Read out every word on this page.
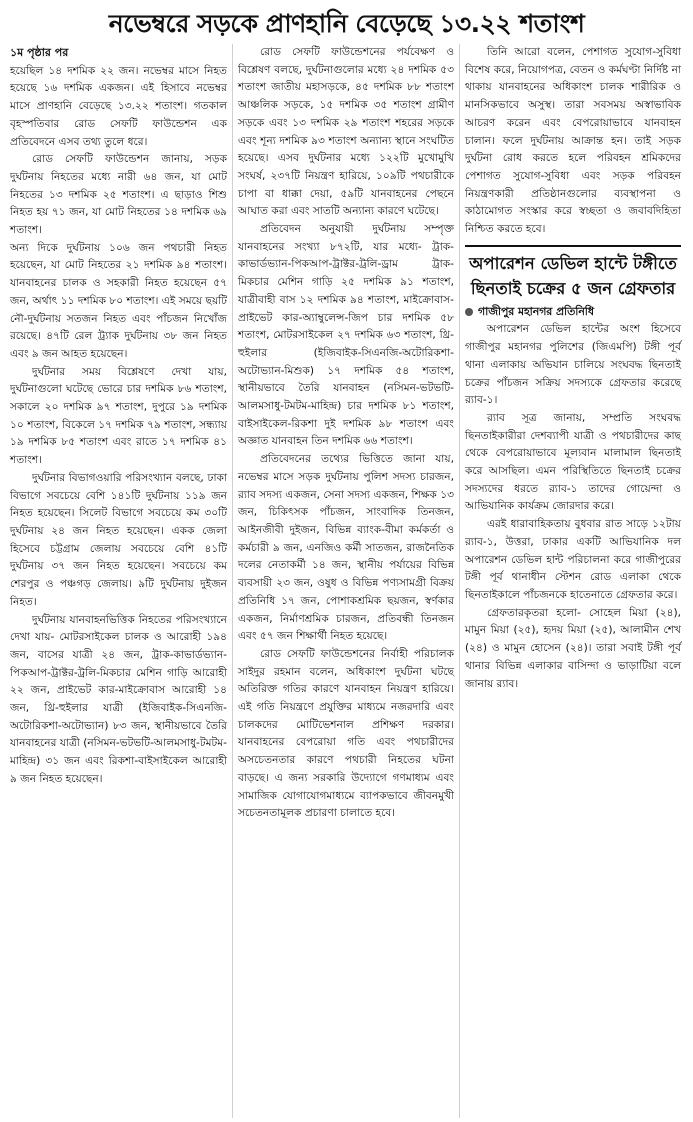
নভেম্বরে সড়কে প্রাণহানি বেড়েছে ১৩.২২ শতাংশ

১ম পৃষ্ঠার পর

হয়েছিল ১৪ দশমিক ২২ জন। নভেম্বর মাসে নিহত হয়েছে ১৬ দশমিক একজন। এই হিসাবে নভেম্বর মাসে প্রাণহানি বেড়েছে ১৩.২২ শতাংশ। গতকাল বৃহস্পতিবার রোড সেফটি ফাউন্ডেশন এক প্রতিবেদনে এসব তথ্য তুলে ধরে।

রোড সেফটি ফাউন্ডেশন জানায়, সড়ক দুর্ঘটনায় নিহতের মধ্যে নারী ৬৪ জন, যা মোট নিহতের ১৩ দশমিক ২৫ শতাংশ। এ ছাড়াও শিশু নিহত হয় ৭১ জন, যা মোট নিহতের ১৪ দশমিক ৬৯ শতাংশ।

অন্য দিকে দুর্ঘটনায় ১০৬ জন পথচারী নিহত হয়েছেন, যা মোট নিহতের ২১ দশমিক ৯৪ শতাংশ। যানবাহনের চালক ও সহকারী নিহত হয়েছেন ৫৭ জন, অর্থাৎ ১১ দশমিক ৮০ শতাংশ। এই সময়ে ছয়টি নৌ-দুর্ঘটনায় সতজন নিহত এবং পাঁচজন নিখোঁজ রয়েছে। ৪৭টি রেল ট্র্যাক দুর্ঘটনায় ৩৮ জন নিহত এবং ৯ জন আহত হয়েছেন।

দুর্ঘটনার সময় বিশ্লেষণে দেখা যায়, দুর্ঘটনাগুলো ঘটেছে ভোরে চার দশমিক ৮৬ শতাংশ, সকালে ২০ দশমিক ৯৭ শতাংশ, দুপুরে ১৯ দশমিক ১০ শতাংশ, বিকেলে ১৭ দশমিক ৭৯ শতাংশ, সন্ধ্যায় ১৯ দশমিক ৮৫ শতাংশ এবং রাতে ১৭ দশমিক ৪১ শতাংশ।

দুর্ঘটনার বিভাগওয়ারি পরিসংখ্যান বলছে, ঢাকা বিভাগে সবচেয়ে বেশি ১৪১টি দুর্ঘটনায় ১১৯ জন নিহত হয়েছেন। সিলেট বিভাগে সবচেয়ে কম ৩০টি দুর্ঘটনায় ২৪ জন নিহত হয়েছেন। একক জেলা হিসেবে চট্টগ্রাম জেলায় সবচেয়ে বেশি ৪১টি দুর্ঘটনায় ৩৭ জন নিহত হয়েছেন। সবচেয়ে কম শেরপুর ও পঞ্চগড় জেলায়। ৯টি দুর্ঘটনায় দুইজন নিহত।

দুর্ঘটনায় যানবাহনভিত্তিক নিহতের পরিসংখ্যানে দেখা যায়- মোটরসাইকেল চালক ও আরোহী ১৯৪ জন, বাসের যাত্রী ২৪ জন, ট্রাক-কাভার্ডভ্যান-পিকআপ-ট্রাক্টর-ট্রলি-মিকচার মেশিন গাড়ি আরোহী ২২ জন, প্রাইভেট কার-মাইক্রোবাস আরোহী ১৪ জন, থ্রি-হুইলার যাত্রী (ইজিবাইক-সিএনজি-অটোরিকশা-অটোভ্যান) ৮৩ জন, স্থানীয়ভাবে তৈরি যানবাহনের যাত্রী (নসিমন-ভটভটি-আলমসাধু-টমটম-মাহিন্দ্র) ৩১ জন এবং রিকশা-বাইসাইকেল আরোহী ৯ জন নিহত হয়েছেন।

রোড সেফটি ফাউন্ডেশনের পর্যবেক্ষণ ও বিশ্লেষণ বলছে, দুর্ঘটনাগুলোর মধ্যে ২৪ দশমিক ৫৩ শতাংশ জাতীয় মহাসড়কে, ৪৫ দশমিক ৮৮ শতাংশ আঞ্চলিক সড়কে, ১৫ দশমিক ৩৫ শতাংশ গ্রামীণ সড়কে এবং ১৩ দশমিক ২৯ শতাংশ শহরের সড়কে এবং শূন্য দশমিক ৯৩ শতাংশ অন্যান্য স্থানে সংঘটিত হয়েছে। এসব দুর্ঘটনার মধ্যে ১২২টি মুখোমুখি সংঘর্ষ, ২৩৭টি নিয়ন্ত্রণ হারিয়ে, ১০৯টি পথচারীকে চাপা বা ধাক্কা দেয়া, ৫৯টি যানবাহনের পেছনে আঘাত করা এবং সাতটি অন্যান্য কারণে ঘটেছে।

প্রতিবেদন অনুযায়ী দুর্ঘটনায় সম্পৃক্ত যানবাহনের সংখ্যা ৮৭২টি, যার মধ্যে- ট্রাক-কাভার্ডভ্যান-পিকআপ-ট্রাক্টর-ট্রলি-ড্রাম ট্রাক-মিকচার মেশিন গাড়ি ২৫ দশমিক ৯১ শতাংশ, যাত্রীবাহী বাস ১২ দশমিক ৯৪ শতাংশ, মাইক্রোবাস-প্রাইভেট কার-অ্যাম্বুলেন্স-জিপ চার দশমিক ৫৮ শতাংশ, মোটরসাইকেল ২৭ দশমিক ৬৩ শতাংশ, থ্রি-হুইলার (ইজিবাইক-সিএনজি-অটোরিকশা-অটোভ্যান-মিশুক) ১৭ দশমিক ৫৪ শতাংশ, স্থানীয়ভাবে তৈরি যানবাহন (নসিমন-ভটভটি-আলমসাধু-টমটম-মাহিন্দ্র) চার দশমিক ৮১ শতাংশ, বাইসাইকেল-রিকশা দুই দশমিক ৯৮ শতাংশ এবং অজ্ঞাত যানবাহন তিন দশমিক ৬৬ শতাংশ।

প্রতিবেদনের তথ্যের ভিত্তিতে জানা যায়, নভেম্বর মাসে সড়ক দুর্ঘটনায় পুলিশ সদস্য চারজন, র‍্যাব সদস্য একজন, সেনা সদস্য একজন, শিক্ষক ১৩ জন, চিকিৎসক পাঁচজন, সাংবাদিক তিনজন, আইনজীবী দুইজন, বিভিন্ন ব্যাংক-বীমা কর্মকর্তা ও কর্মচারী ৯ জন, এনজিও কর্মী সাতজন, রাজনৈতিক দলের নেতাকর্মী ১৪ জন, স্থানীয় পর্যায়ের বিভিন্ন ব্যবসায়ী ২৩ জন, ওষুধ ও বিভিন্ন পণ্যসামগ্রী বিক্রয় প্রতিনিধি ১৭ জন, পোশাকশ্রমিক ছয়জন, স্বর্ণকার একজন, নির্মাণশ্রমিক চারজন, প্রতিবন্ধী তিনজন এবং ৫৭ জন শিক্ষার্থী নিহত হয়েছে।

রোড সেফটি ফাউন্ডেশনের নির্বাহী পরিচালক সাইদুর রহমান বলেন, অধিকাংশ দুর্ঘটনা ঘটছে অতিরিক্ত গতির কারণে যানবাহন নিয়ন্ত্রণ হারিয়ে। এই গতি নিয়ন্ত্রণে প্রযুক্তির মাধ্যমে নজরদারি এবং চালকদের মোটিভেশনাল প্রশিক্ষণ দরকার। যানবাহনের বেপরোয়া গতি এবং পথচারীদের অসচেতনতার কারণে পথচারী নিহতের ঘটনা বাড়ছে। এ জন্য সরকারি উদ্যোগে গণমাধ্যম এবং সামাজিক যোগাযোগমাধ্যমে ব্যাপকভাবে জীবনমুখী সচেতনতামূলক প্রচারণা চালাতে হবে।

তিনি আরো বলেন, পেশাগত সুযোগ-সুবিধা বিশেষ করে, নিয়োগপত্র, বেতন ও কর্মঘণ্টা নির্দিষ্ট না থাকায় যানবাহনের অধিকাংশ চালক শারীরিক ও মানসিকভাবে অসুস্থ। তারা সবসময় অস্বাভাবিক আচরণ করেন এবং বেপরোয়াভাবে যানবাহন চালান। ফলে দুর্ঘটনায় আক্রান্ত হন। তাই সড়ক দুর্ঘটনা রোধ করতে হলে পরিবহন শ্রমিকদের পেশাগত সুযোগ-সুবিধা এবং সড়ক পরিবহন নিয়ন্ত্রণকারী প্রতিষ্ঠানগুলোর ব্যবস্থাপনা ও কাঠামোগত সংস্কার করে স্বচ্ছতা ও জবাবদিহিতা নিশ্চিত করতে হবে।

অপারেশন ডেভিল হান্টে টঙ্গীতে ছিনতাই চক্রের ৫ জন গ্রেফতার
গাজীপুর মহানগর প্রতিনিধি

অপারেশন ডেভিল হান্টের অংশ হিসেবে গাজীপুর মহানগর পুলিশের (জিএমপি) টঙ্গী পূর্ব থানা এলাকায় অভিযান চালিয়ে সংঘবদ্ধ ছিনতাই চক্রের পাঁচজন সক্রিয় সদস্যকে গ্রেফতার করেছে র‍্যাব-১।

র‍্যাব সূত্র জানায়, সম্প্রতি সংঘবদ্ধ ছিনতাইকারীরা দেশব্যাপী যাত্রী ও পথচারীদের কাছ থেকে বেপরোয়াভাবে মূল্যবান মালামাল ছিনতাই করে আসছিল। এমন পরিস্থিতিতে ছিনতাই চক্রের সদস্যদের ধরতে র‍্যাব-১ তাদের গোয়েন্দা ও আভিযানিক কার্যক্রম জোরদার করে।

এরই ধারাবাহিকতায় বুধবার রাত সাড়ে ১২টায় র‍্যাব-১, উত্তরা, ঢাকার একটি আভিযানিক দল অপারেশন ডেভিল হান্ট পরিচালনা করে গাজীপুরের টঙ্গী পূর্ব থানাধীন স্টেশন রোড এলাকা থেকে ছিনতাইকালে পাঁচজনকে হাতেনাতে গ্রেফতার করে।

গ্রেফতারকৃতরা হলো- সোহেল মিয়া (২৪), মামুন মিয়া (২৫), হৃদয় মিয়া (২৫), আলামীন শেখ (২৪) ও মামুন হোসেন (২৪)। তারা সবাই টঙ্গী পূর্ব থানার বিভিন্ন এলাকার বাসিন্দা ও ভাড়াটিয়া বলে জানায় র‍্যাব।
